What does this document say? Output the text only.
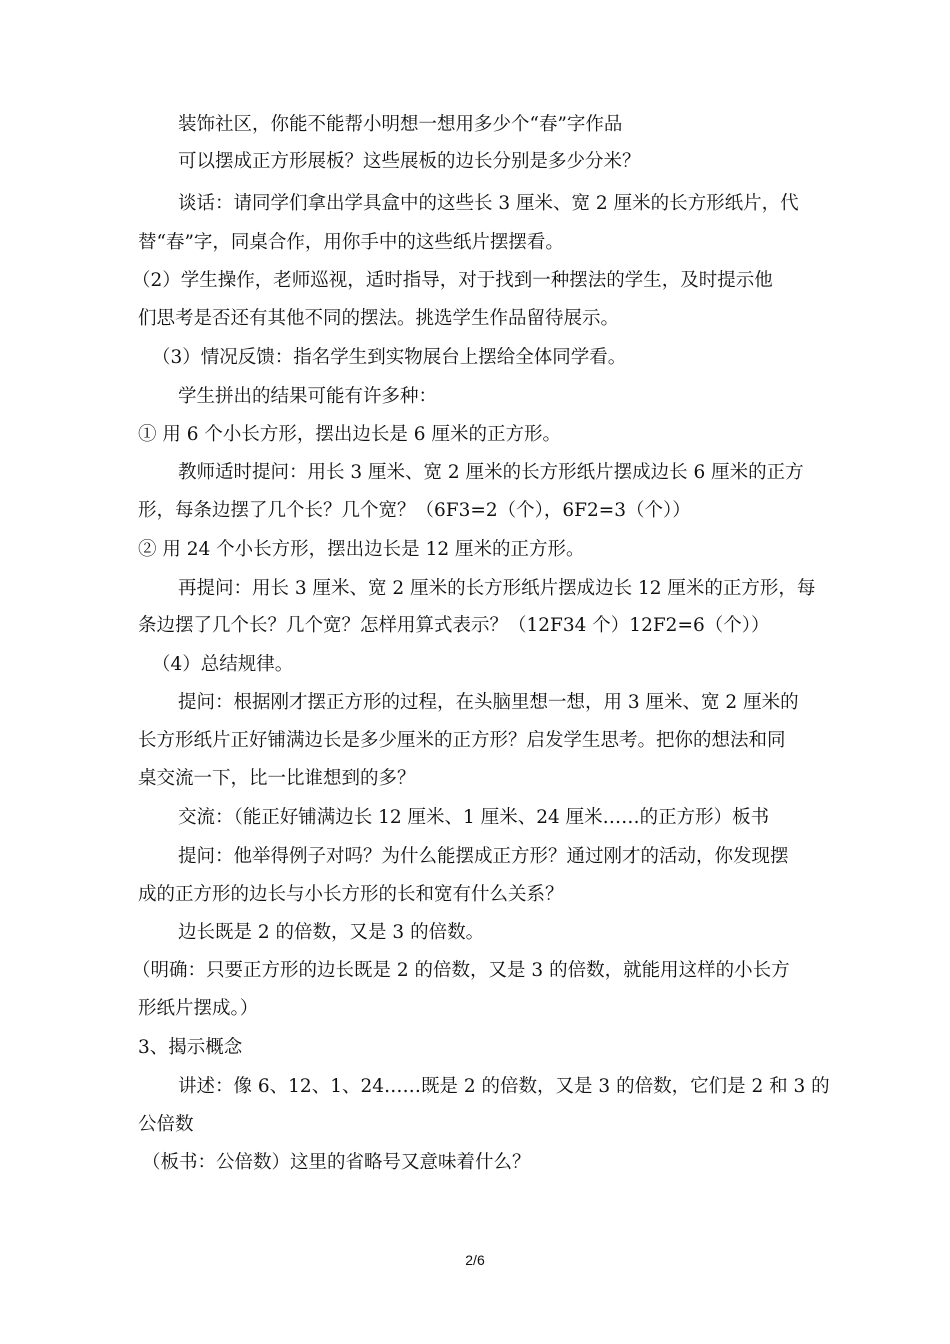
装饰社区，你能不能帮小明想一想用多少个“春”字作品
可以摆成正方形展板？这些展板的边长分别是多少分米？
谈话：请同学们拿出学具盒中的这些长 3 厘米、宽 2 厘米的长方形纸片，代
替“春”字，同桌合作，用你手中的这些纸片摆摆看。
（2）学生操作，老师巡视，适时指导，对于找到一种摆法的学生，及时提示他
们思考是否还有其他不同的摆法。挑选学生作品留待展示。
（3）情况反馈：指名学生到实物展台上摆给全体同学看。
学生拼出的结果可能有许多种：
① 用 6 个小长方形，摆出边长是 6 厘米的正方形。
教师适时提问：用长 3 厘米、宽 2 厘米的长方形纸片摆成边长 6 厘米的正方
形，每条边摆了几个长？几个宽？（6F3=2（个），6F2=3（个））
② 用 24 个小长方形，摆出边长是 12 厘米的正方形。
再提问：用长 3 厘米、宽 2 厘米的长方形纸片摆成边长 12 厘米的正方形，每
条边摆了几个长？几个宽？怎样用算式表示？（12F34 个）12F2=6（个））
（4）总结规律。
提问：根据刚才摆正方形的过程，在头脑里想一想，用 3 厘米、宽 2 厘米的
长方形纸片正好铺满边长是多少厘米的正方形？启发学生思考。把你的想法和同
桌交流一下，比一比谁想到的多？
交流：（能正好铺满边长 12 厘米、1 厘米、24 厘米……的正方形）板书
提问：他举得例子对吗？为什么能摆成正方形？通过刚才的活动，你发现摆
成的正方形的边长与小长方形的长和宽有什么关系？
边长既是 2 的倍数，又是 3 的倍数。
（明确：只要正方形的边长既是 2 的倍数，又是 3 的倍数，就能用这样的小长方
形纸片摆成。）
3、揭示概念
讲述：像 6、12、1、24……既是 2 的倍数，又是 3 的倍数，它们是 2 和 3 的
公倍数
（板书：公倍数）这里的省略号又意味着什么？
2/6
